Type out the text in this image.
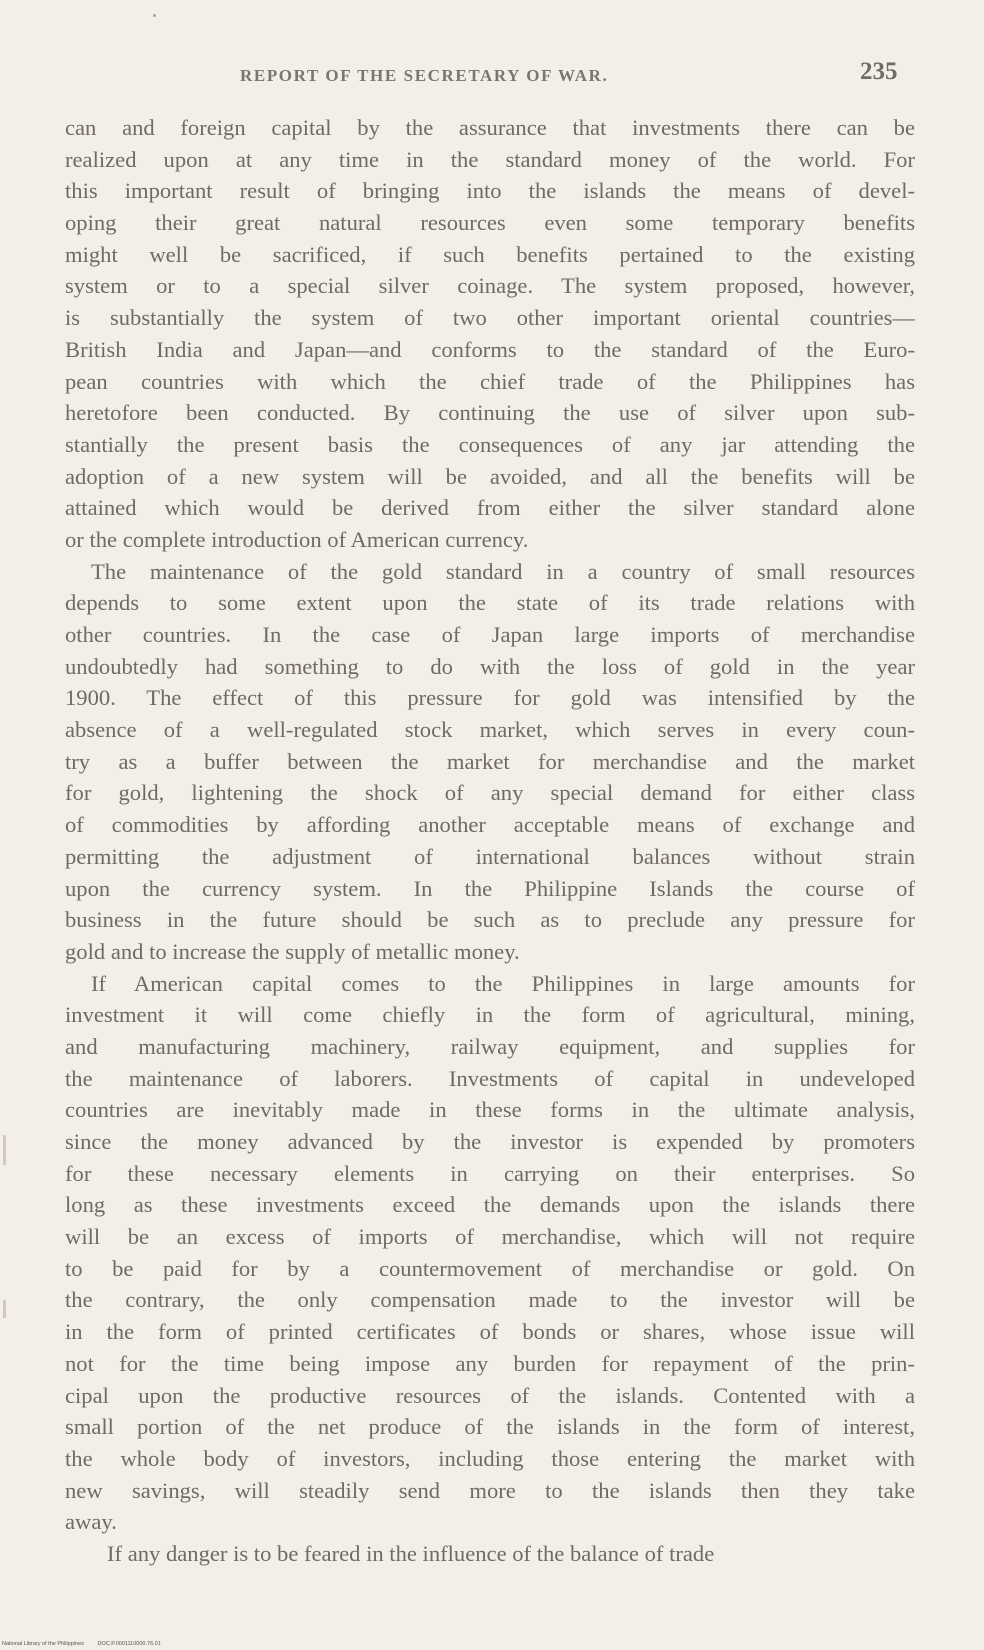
REPORT OF THE SECRETARY OF WAR.	235
can and foreign capital by the assurance that investments there can be
realized upon at any time in the standard money of the world. For
this important result of bringing into the islands the means of devel-
oping their great natural resources even some temporary benefits
might well be sacrificed, if such benefits pertained to the existing
system or to a special silver coinage. The system proposed, however,
is substantially the system of two other important oriental countries—
British India and Japan—and conforms to the standard of the Euro-
pean countries with which the chief trade of the Philippines has
heretofore been conducted. By continuing the use of silver upon sub-
stantially the present basis the consequences of any jar attending the
adoption of a new system will be avoided, and all the benefits will be
attained which would be derived from either the silver standard alone
or the complete introduction of American currency.
The maintenance of the gold standard in a country of small resources
depends to some extent upon the state of its trade relations with
other countries. In the case of Japan large imports of merchandise
undoubtedly had something to do with the loss of gold in the year
1900. The effect of this pressure for gold was intensified by the
absence of a well-regulated stock market, which serves in every coun-
try as a buffer between the market for merchandise and the market
for gold, lightening the shock of any special demand for either class
of commodities by affording another acceptable means of exchange and
permitting the adjustment of international balances without strain
upon the currency system. In the Philippine Islands the course of
business in the future should be such as to preclude any pressure for
gold and to increase the supply of metallic money.
If American capital comes to the Philippines in large amounts for
investment it will come chiefly in the form of agricultural, mining,
and manufacturing machinery, railway equipment, and supplies for
the maintenance of laborers. Investments of capital in undeveloped
countries are inevitably made in these forms in the ultimate analysis,
since the money advanced by the investor is expended by promoters
for these necessary elements in carrying on their enterprises. So
long as these investments exceed the demands upon the islands there
will be an excess of imports of merchandise, which will not require
to be paid for by a countermovement of merchandise or gold. On
the contrary, the only compensation made to the investor will be
in the form of printed certificates of bonds or shares, whose issue will
not for the time being impose any burden for repayment of the prin-
cipal upon the productive resources of the islands. Contented with a
small portion of the net produce of the islands in the form of interest,
the whole body of investors, including those entering the market with
new savings, will steadily send more to the islands then they take
away.
If any danger is to be feared in the influence of the balance of trade
National Library of the Philippines DOC.P.0001110000.76.01
